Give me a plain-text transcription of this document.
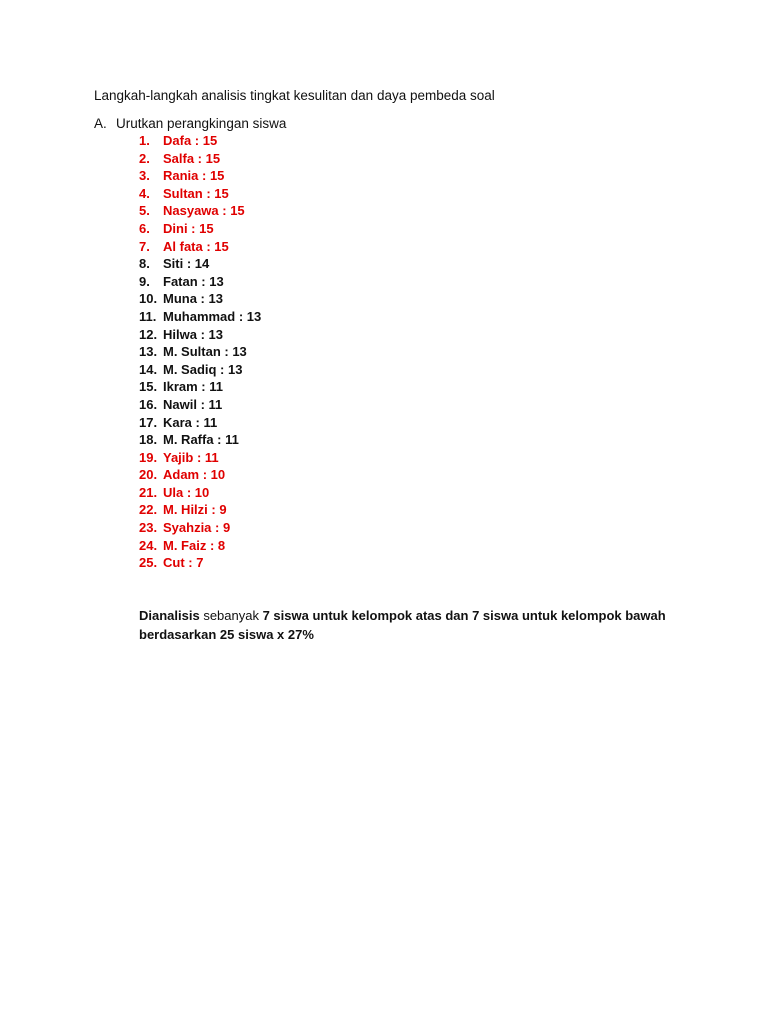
Langkah-langkah analisis tingkat kesulitan dan daya pembeda soal
A. Urutkan perangkingan siswa
1. Dafa : 15
2. Salfa : 15
3. Rania : 15
4. Sultan : 15
5. Nasyawa : 15
6. Dini : 15
7. Al fata : 15
8. Siti : 14
9. Fatan : 13
10. Muna : 13
11. Muhammad : 13
12. Hilwa : 13
13. M. Sultan : 13
14. M. Sadiq : 13
15. Ikram : 11
16. Nawil : 11
17. Kara : 11
18. M. Raffa : 11
19. Yajib : 11
20. Adam : 10
21. Ula : 10
22. M. Hilzi : 9
23. Syahzia : 9
24. M. Faiz : 8
25. Cut : 7
Dianalisis sebanyak 7 siswa untuk kelompok atas dan 7 siswa untuk kelompok bawah berdasarkan 25 siswa x 27%
